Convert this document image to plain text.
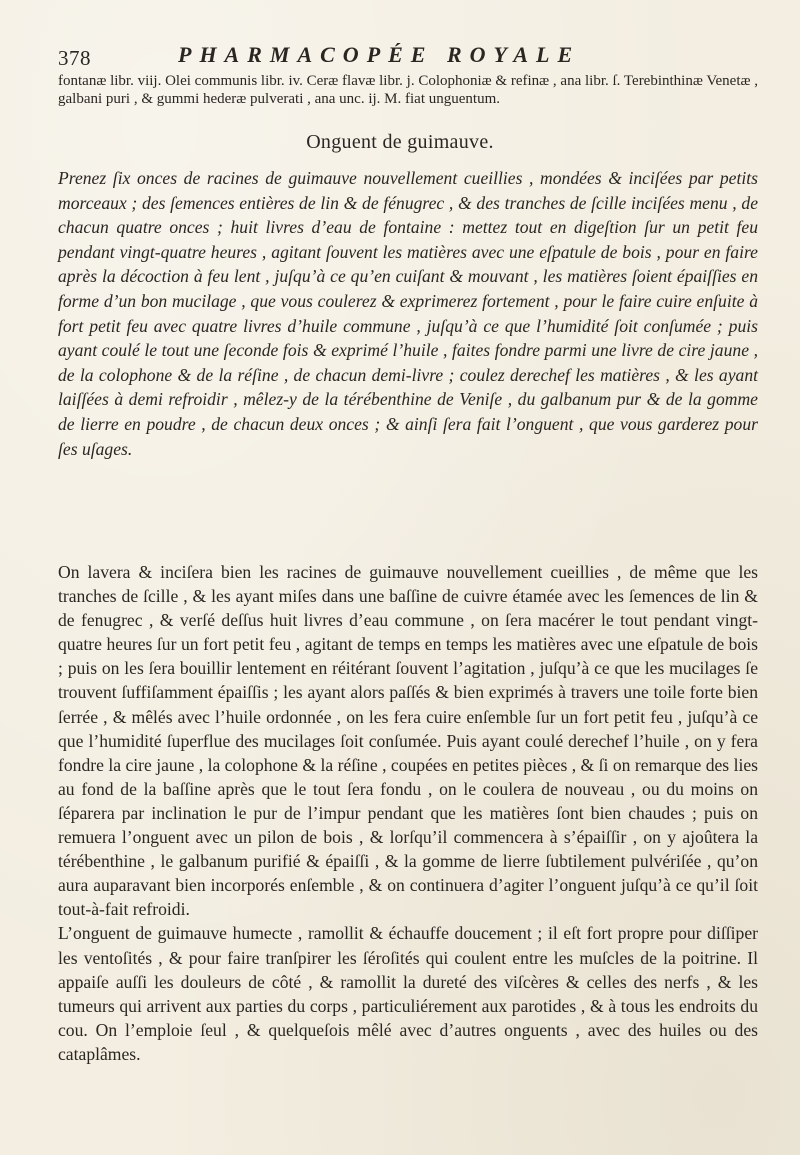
378	PHARMACOPÉE ROYALE

fontanæ libr. viij. Olei communis libr. iv. Ceræ flavæ libr. j. Colophoniæ & refinæ , ana libr. ſ. Terebinthinæ Venetæ , galbani puri , & gummi hederæ pulverati , ana unc. ij. M. fiat unguentum.

Onguent de guimauve.

Prenez ſix onces de racines de guimauve nouvellement cueillies , mondées & inciſées par petits morceaux ; des ſemences entières de lin & de fénugrec , & des tranches de ſcille inciſées menu , de chacun quatre onces ; huit livres d’eau de fontaine : mettez tout en digeſtion ſur un petit feu pendant vingt-quatre heures , agitant ſouvent les matières avec une eſpatule de bois , pour en faire après la décoction à feu lent , juſqu’à ce qu’en cuiſant & mouvant , les matières ſoient épaiſſies en forme d’un bon mucilage , que vous coulerez & exprimerez fortement , pour le faire cuire enſuite à fort petit feu avec quatre livres d’huile commune , juſqu’à ce que l’humidité ſoit conſumée ; puis ayant coulé le tout une ſeconde fois & exprimé l’huile , faites fondre parmi une livre de cire jaune , de la colophone & de la réſine , de chacun demi-livre ; coulez derechef les matières , & les ayant laiſſées à demi refroidir , mêlez-y de la térébenthine de Veniſe , du galbanum pur & de la gomme de lierre en poudre , de chacun deux onces ; & ainſi ſera fait l’onguent , que vous garderez pour ſes uſages.

On lavera & inciſera bien les racines de guimauve nouvellement cueillies , de même que les tranches de ſcille , & les ayant miſes dans une baſſine de cuivre étamée avec les ſemences de lin & de fenugrec , & verſé deſſus huit livres d’eau commune , on ſera macérer le tout pendant vingt-quatre heures ſur un fort petit feu , agitant de temps en temps les matières avec une eſpatule de bois ; puis on les ſera bouillir lentement en réitérant ſouvent l’agitation , juſqu’à ce que les mucilages ſe trouvent ſuffiſamment épaiſſis ; les ayant alors paſſés & bien exprimés à travers une toile forte bien ſerrée , & mêlés avec l’huile ordonnée , on les fera cuire enſemble ſur un fort petit feu , juſqu’à ce que l’humidité ſuperflue des mucilages ſoit conſumée. Puis ayant coulé derechef l’huile , on y fera fondre la cire jaune , la colophone & la réſine , coupées en petites pièces , & ſi on remarque des lies au fond de la baſſine après que le tout ſera fondu , on le coulera de nouveau , ou du moins on ſéparera par inclination le pur de l’impur pendant que les matières ſont bien chaudes ; puis on remuera l’onguent avec un pilon de bois , & lorſqu’il commencera à s’épaiſſir , on y ajoûtera la térébenthine , le galbanum purifié & épaiſſi , & la gomme de lierre ſubtilement pulvériſée , qu’on aura auparavant bien incorporés enſemble , & on continuera d’agiter l’onguent juſqu’à ce qu’il ſoit tout-à-fait refroidi.

L’onguent de guimauve humecte , ramollit & échauffe doucement ; il eſt fort propre pour diſſiper les ventoſités , & pour faire tranſpirer les ſéroſités qui coulent entre les muſcles de la poitrine. Il appaiſe auſſi les douleurs de côté , & ramollit la dureté des viſcères & celles des nerfs , & les tumeurs qui arrivent aux parties du corps , particuliérement aux parotides , & à tous les endroits du cou. On l’emploie ſeul , & quelqueſois mêlé avec d’autres onguents , avec des huiles ou des cataplâmes.
